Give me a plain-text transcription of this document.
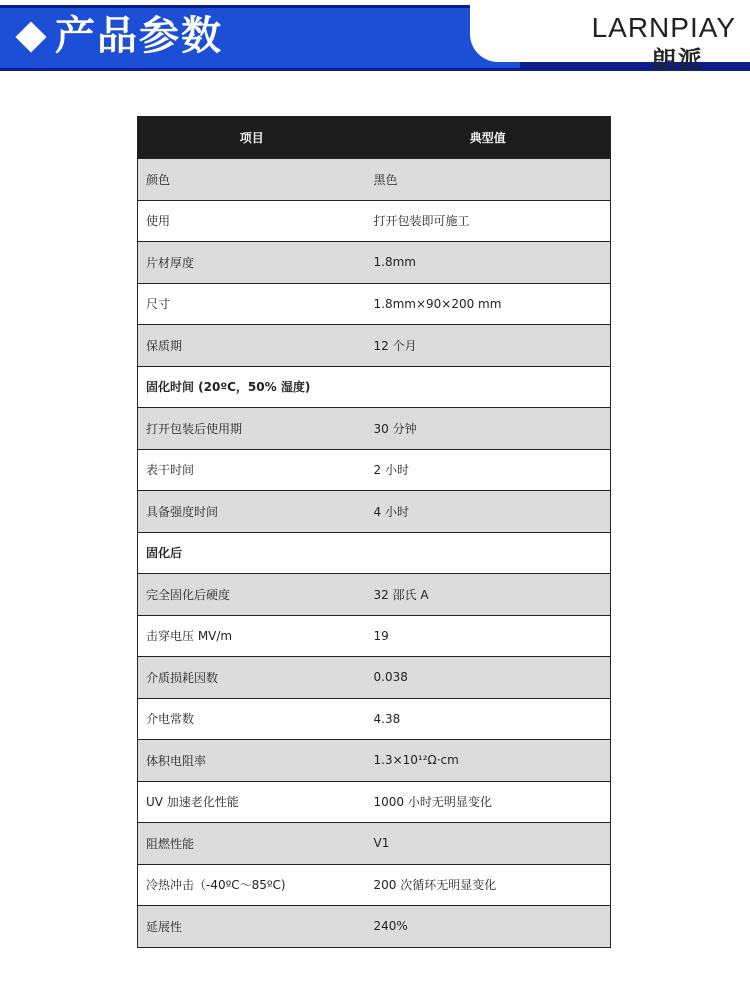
产品参数	LARNPIAY
朗派
项目	典型值
颜色	黑色
使用	打开包装即可施工
片材厚度	1.8mm
尺寸	1.8mm×90×200 mm
保质期	12 个月
固化时间 (20ºC，50% 湿度)	
打开包装后使用期	30 分钟
表干时间	2 小时
具备强度时间	4 小时
固化后	
完全固化后硬度	32 邵氏 A
击穿电压 MV/m	19
介质损耗因数	0.038
介电常数	4.38
体积电阻率	1.3×10¹²Ω·cm
UV 加速老化性能	1000 小时无明显变化
阻燃性能	V1
冷热冲击（-40ºC～85ºC)	200 次循环无明显变化
延展性	240%
